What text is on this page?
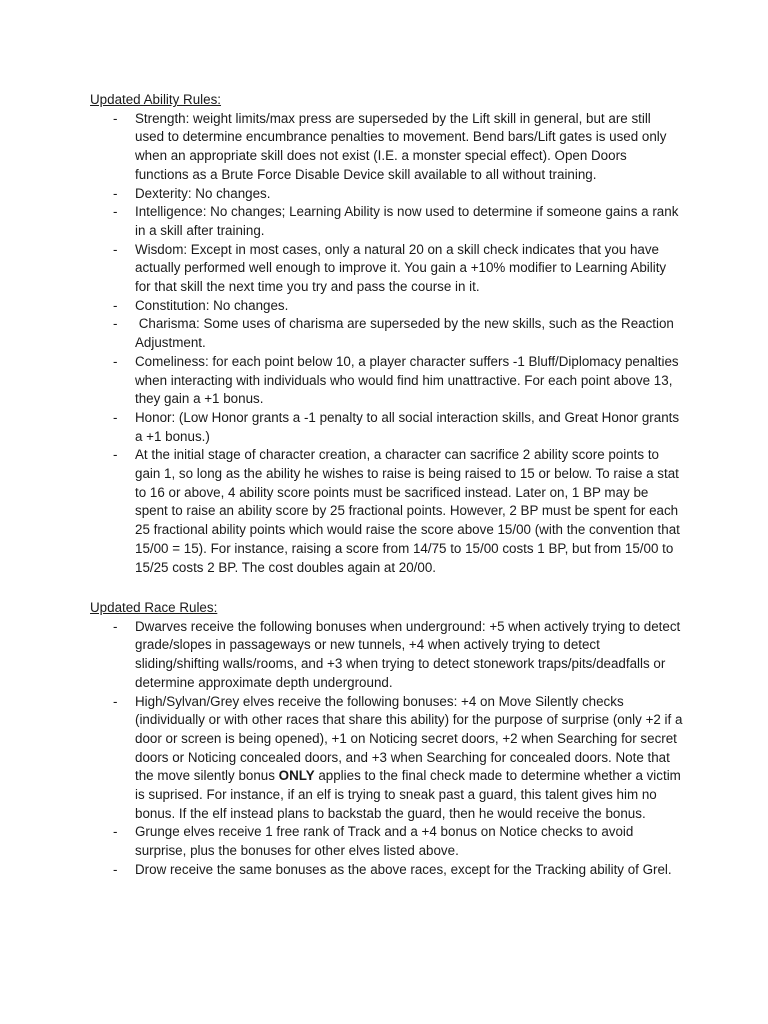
Updated Ability Rules:

- Strength: weight limits/max press are superseded by the Lift skill in general, but are still used to determine encumbrance penalties to movement. Bend bars/Lift gates is used only when an appropriate skill does not exist (I.E. a monster special effect). Open Doors functions as a Brute Force Disable Device skill available to all without training.
- Dexterity: No changes.
- Intelligence: No changes; Learning Ability is now used to determine if someone gains a rank in a skill after training.
- Wisdom: Except in most cases, only a natural 20 on a skill check indicates that you have actually performed well enough to improve it. You gain a +10% modifier to Learning Ability for that skill the next time you try and pass the course in it.
- Constitution: No changes.
- Charisma: Some uses of charisma are superseded by the new skills, such as the Reaction Adjustment.
- Comeliness: for each point below 10, a player character suffers -1 Bluff/Diplomacy penalties when interacting with individuals who would find him unattractive. For each point above 13, they gain a +1 bonus.
- Honor: (Low Honor grants a -1 penalty to all social interaction skills, and Great Honor grants a +1 bonus.)
- At the initial stage of character creation, a character can sacrifice 2 ability score points to gain 1, so long as the ability he wishes to raise is being raised to 15 or below. To raise a stat to 16 or above, 4 ability score points must be sacrificed instead. Later on, 1 BP may be spent to raise an ability score by 25 fractional points. However, 2 BP must be spent for each 25 fractional ability points which would raise the score above 15/00 (with the convention that 15/00 = 15). For instance, raising a score from 14/75 to 15/00 costs 1 BP, but from 15/00 to 15/25 costs 2 BP. The cost doubles again at 20/00.

Updated Race Rules:

- Dwarves receive the following bonuses when underground: +5 when actively trying to detect grade/slopes in passageways or new tunnels, +4 when actively trying to detect sliding/shifting walls/rooms, and +3 when trying to detect stonework traps/pits/deadfalls or determine approximate depth underground.
- High/Sylvan/Grey elves receive the following bonuses: +4 on Move Silently checks (individually or with other races that share this ability) for the purpose of surprise (only +2 if a door or screen is being opened), +1 on Noticing secret doors, +2 when Searching for secret doors or Noticing concealed doors, and +3 when Searching for concealed doors. Note that the move silently bonus ONLY applies to the final check made to determine whether a victim is suprised. For instance, if an elf is trying to sneak past a guard, this talent gives him no bonus. If the elf instead plans to backstab the guard, then he would receive the bonus.
- Grunge elves receive 1 free rank of Track and a +4 bonus on Notice checks to avoid surprise, plus the bonuses for other elves listed above.
- Drow receive the same bonuses as the above races, except for the Tracking ability of Grel.
